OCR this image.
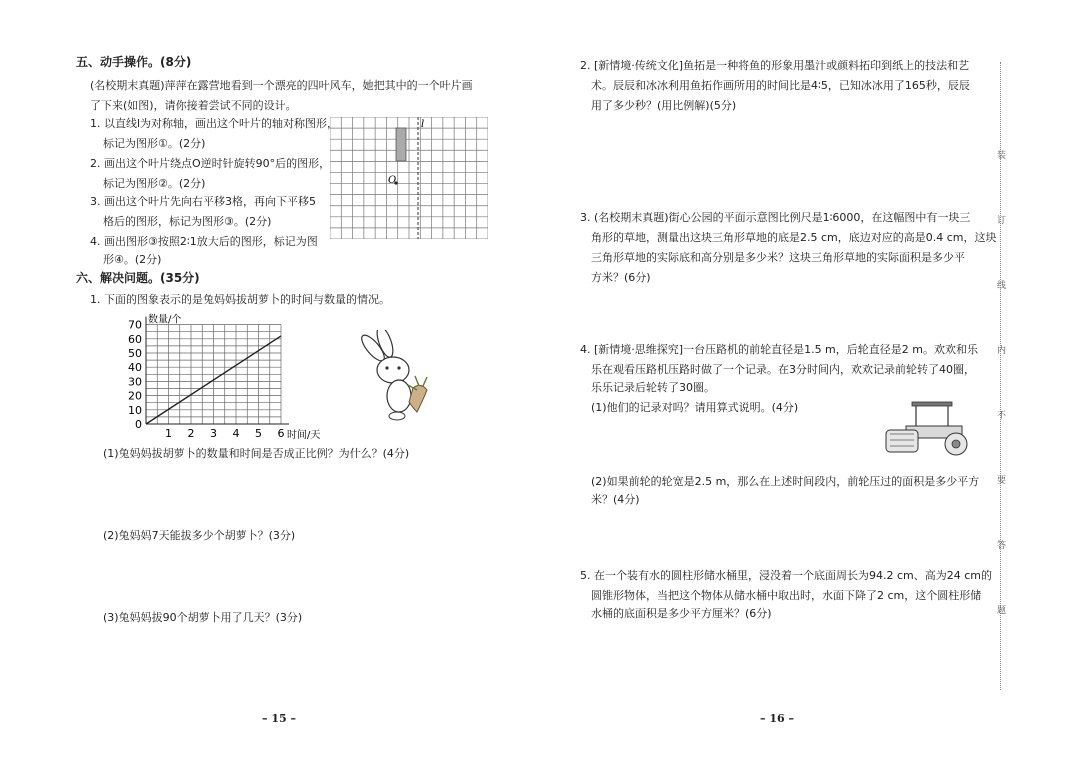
五、动手操作。(8分)
(名校期末真题)萍萍在露营地看到一个漂亮的四叶风车，她把其中的一个叶片画
了下来(如图)，请你接着尝试不同的设计。
1. 以直线l为对称轴，画出这个叶片的轴对称图形，
标记为图形①。(2分)
2. 画出这个叶片绕点O逆时针旋转90°后的图形，
标记为图形②。(2分)
3. 画出这个叶片先向右平移3格，再向下平移5
格后的图形，标记为图形③。(2分)
4. 画出图形③按照2∶1放大后的图形，标记为图
形④。(2分)
l
O
六、解决问题。(35分)
1. 下面的图象表示的是兔妈妈拔胡萝卜的时间与数量的情况。
1 2 3 4 5 6
0
10
20
30
40
50
60
70 数量/个
时间/天
(1)兔妈妈拔胡萝卜的数量和时间是否成正比例？为什么？(4分)
(2)兔妈妈7天能拔多少个胡萝卜？(3分)
(3)兔妈妈拔90个胡萝卜用了几天？(3分)
– 15 –
2. [新情境·传统文化]鱼拓是一种将鱼的形象用墨汁或颜料拓印到纸上的技法和艺
术。辰辰和冰冰利用鱼拓作画所用的时间比是4∶5，已知冰冰用了165秒，辰辰
用了多少秒？(用比例解)(5分)
3. (名校期末真题)街心公园的平面示意图比例尺是1∶6000，在这幅图中有一块三
角形的草地，测量出这块三角形草地的底是2.5 cm，底边对应的高是0.4 cm，这块
三角形草地的实际底和高分别是多少米？这块三角形草地的实际面积是多少平
方米？(6分)
4. [新情境·思维探究]一台压路机的前轮直径是1.5 m，后轮直径是2 m。欢欢和乐
乐在观看压路机压路时做了一个记录。在3分时间内，欢欢记录前轮转了40圈，
乐乐记录后轮转了30圈。
(1)他们的记录对吗？请用算式说明。(4分)
(2)如果前轮的轮宽是2.5 m，那么在上述时间段内，前轮压过的面积是多少平方
米？(4分)
5. 在一个装有水的圆柱形储水桶里，浸没着一个底面周长为94.2 cm、高为24 cm的
圆锥形物体，当把这个物体从储水桶中取出时，水面下降了2 cm，这个圆柱形储
水桶的底面积是多少平方厘米？(6分)
– 16 –
装
订
线
内
不
要
答
题
